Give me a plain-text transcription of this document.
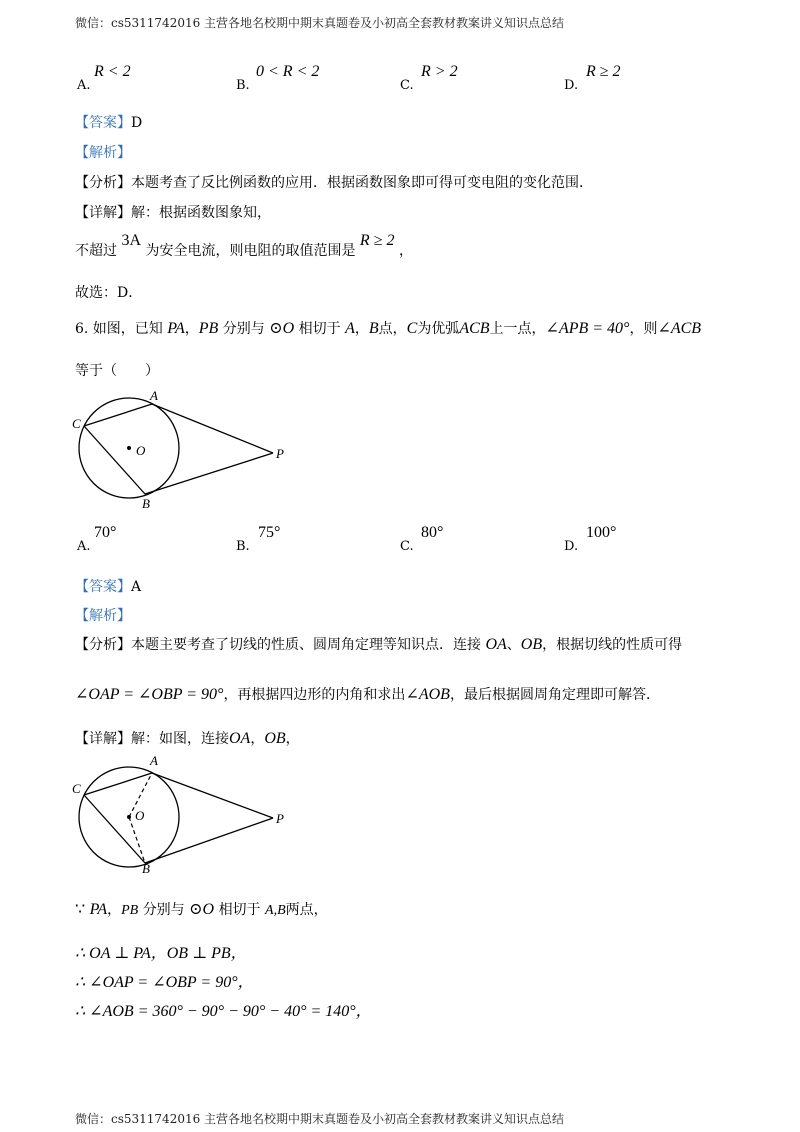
微信：cs5311742016 主营各地名校期中期末真题卷及小初高全套教材教案讲义知识点总结
A.
R < 2
B.
0 < R < 2
C.
R > 2
D.
R ≥ 2
【答案】D
【解析】
【分析】本题考查了反比例函数的应用．根据函数图象即可得可变电阻的变化范围．
【详解】解：根据函数图象知，
不超过 3A 为安全电流，则电阻的取值范围是 R ≥ 2 ，
故选：D．
6. 如图，已知 PA，PB 分别与 ⊙O 相切于 A，B点，C为优弧ACB上一点，∠APB = 40°，则∠ACB
等于（　　）
A
C
O	P
B
A.
70°
B.
75°
C.
80°
D.
100°
【答案】A
【解析】
【分析】本题主要考查了切线的性质、圆周角定理等知识点．连接 OA、OB，根据切线的性质可得
∠OAP = ∠OBP = 90°，再根据四边形的内角和求出∠AOB，最后根据圆周角定理即可解答．
【详解】解：如图，连接OA，OB，
A
C
O	P
B
∵ PA，PB 分别与 ⊙O 相切于 A,B两点，
∴ OA ⊥ PA，OB ⊥ PB，
∴ ∠OAP = ∠OBP = 90°，
∴ ∠AOB = 360° − 90° − 90° − 40° = 140°，
微信：cs5311742016 主营各地名校期中期末真题卷及小初高全套教材教案讲义知识点总结
